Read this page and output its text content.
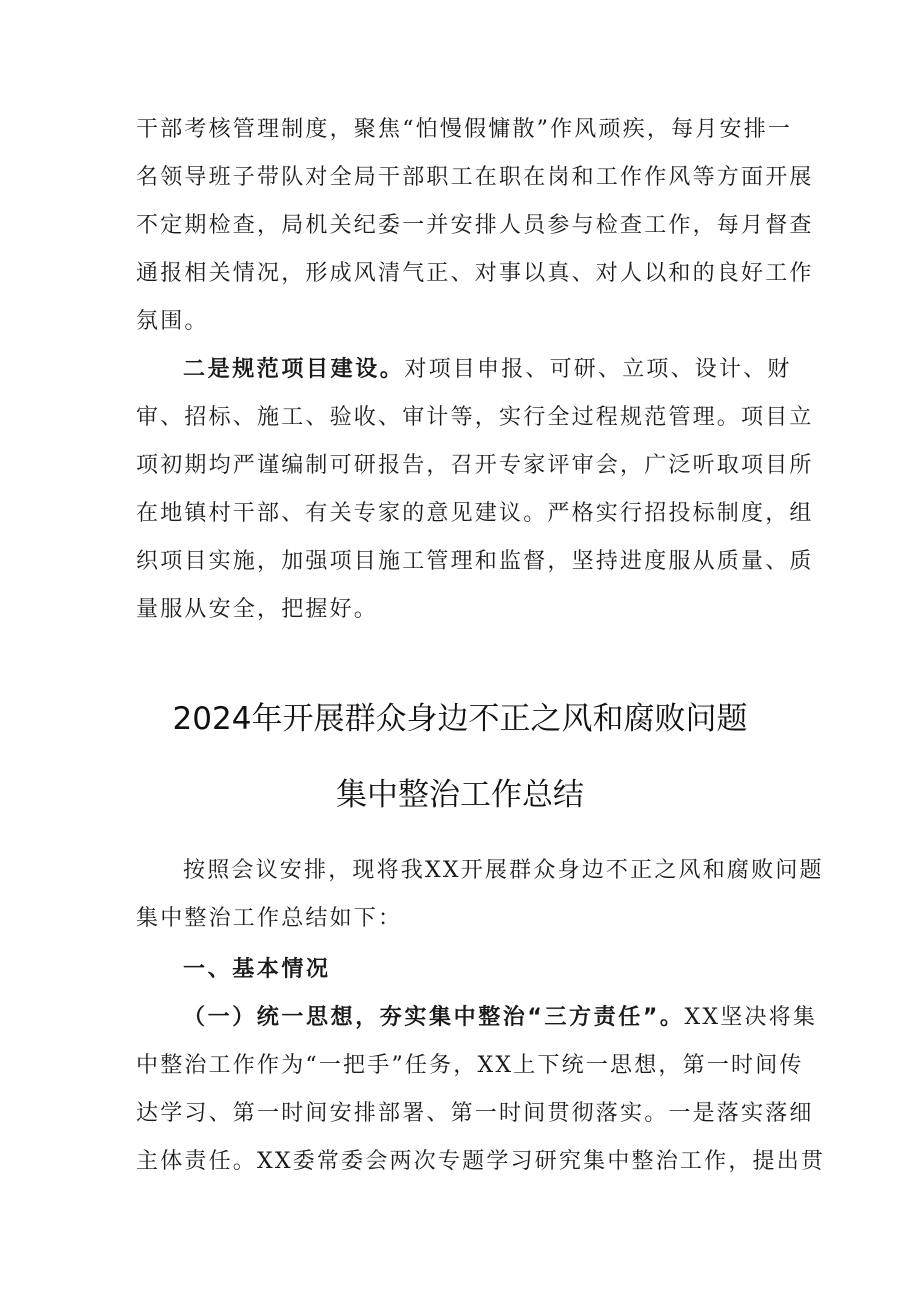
干部考核管理制度，聚焦“怕慢假慵散”作风顽疾，每月安排一
名领导班子带队对全局干部职工在职在岗和工作作风等方面开展
不定期检查，局机关纪委一并安排人员参与检查工作，每月督查
通报相关情况，形成风清气正、对事以真、对人以和的良好工作
氛围。
二是规范项目建设。对项目申报、可研、立项、设计、财
审、招标、施工、验收、审计等，实行全过程规范管理。项目立
项初期均严谨编制可研报告，召开专家评审会，广泛听取项目所
在地镇村干部、有关专家的意见建议。严格实行招投标制度，组
织项目实施，加强项目施工管理和监督，坚持进度服从质量、质
量服从安全，把握好。
2024年开展群众身边不正之风和腐败问题
集中整治工作总结
按照会议安排，现将我XX开展群众身边不正之风和腐败问题
集中整治工作总结如下：
一、基本情况
（一）统一思想，夯实集中整治“三方责任”。XX坚决将集
中整治工作作为“一把手”任务，XX上下统一思想，第一时间传
达学习、第一时间安排部署、第一时间贯彻落实。一是落实落细
主体责任。XX委常委会两次专题学习研究集中整治工作，提出贯
